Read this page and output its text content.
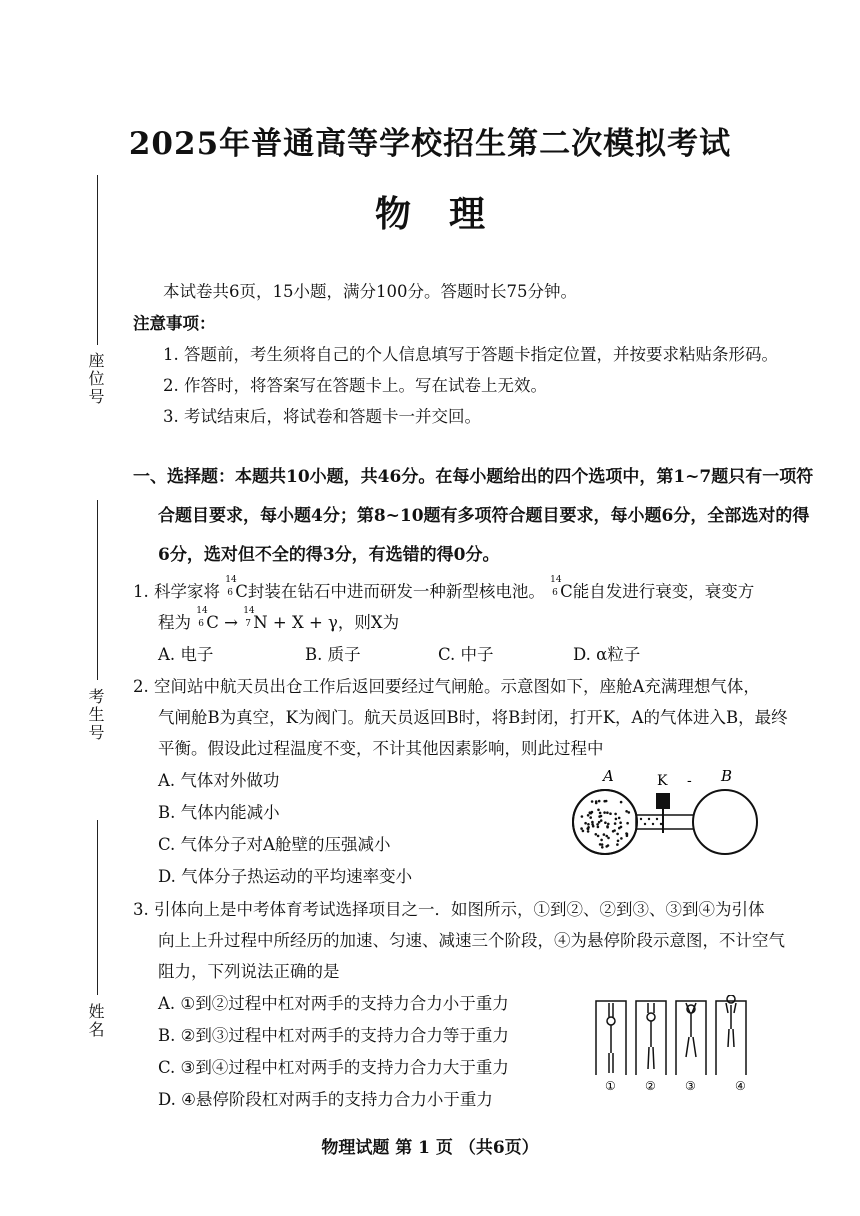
2025年普通高等学校招生第二次模拟考试
物理
座位号
考生号
姓名
本试卷共6页，15小题，满分100分。答题时长75分钟。
注意事项：
1. 答题前，考生须将自己的个人信息填写于答题卡指定位置，并按要求粘贴条形码。
2. 作答时，将答案写在答题卡上。写在试卷上无效。
3. 考试结束后，将试卷和答题卡一并交回。
一、选择题：本题共10小题，共46分。在每小题给出的四个选项中，第1~7题只有一项符
合题目要求，每小题4分；第8~10题有多项符合题目要求，每小题6分，全部选对的得
6分，选对但不全的得3分，有选错的得0分。
1. 科学家将
14
6 C封装在钻石中进而研发一种新型核电池。
14
6 C能自发进行衰变，衰变方
程为
14
6 C →
14
7 N + X + γ，则X为
A. 电子	B. 质子	C. 中子	D. α粒子
2. 空间站中航天员出仓工作后返回要经过气闸舱。示意图如下，座舱A充满理想气体，
气闸舱B为真空，K为阀门。航天员返回B时，将B封闭，打开K，A的气体进入B，最终
平衡。假设此过程温度不变，不计其他因素影响，则此过程中
A. 气体对外做功
B. 气体内能减小
C. 气体分子对A舱壁的压强减小
D. 气体分子热运动的平均速率变小
A	K - B
3. 引体向上是中考体育考试选择项目之一．如图所示，①到②、②到③、③到④为引体
向上上升过程中所经历的加速、匀速、减速三个阶段，④为悬停阶段示意图，不计空气
阻力，下列说法正确的是
A. ①到②过程中杠对两手的支持力合力小于重力
B. ②到③过程中杠对两手的支持力合力等于重力
C. ③到④过程中杠对两手的支持力合力大于重力
D. ④悬停阶段杠对两手的支持力合力小于重力
① ② ③	④
物理试题 第 1 页 （共6页）
